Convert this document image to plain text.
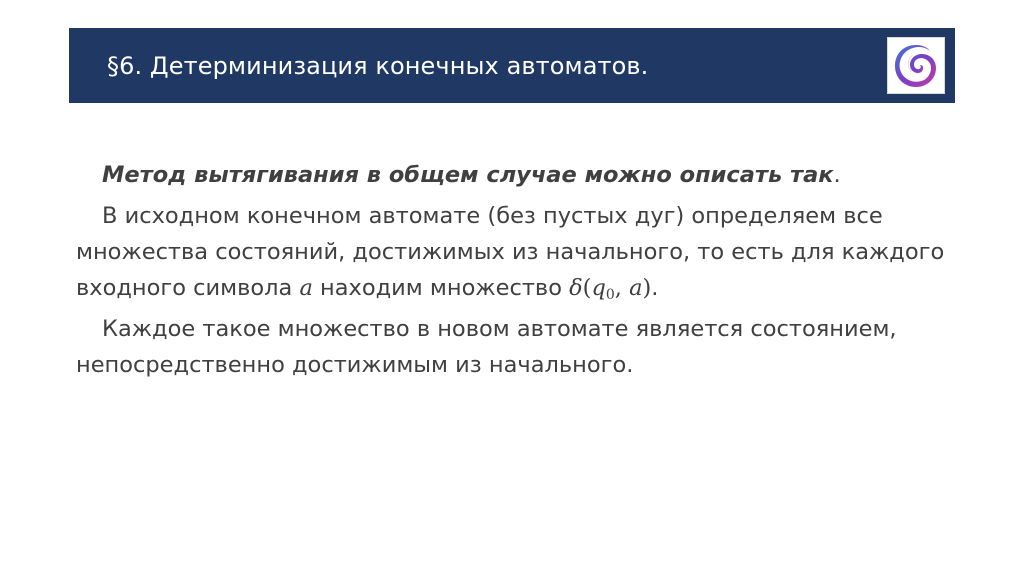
§6. Детерминизация конечных автоматов.

Метод вытягивания в общем случае можно описать так.

В исходном конечном автомате (без пустых дуг) определяем все множества состояний, достижимых из начального, то есть для каждого входного символа a находим множество $\delta(q_0$, a).

Каждое такое множество в новом автомате является состоянием, непосредственно достижимым из начального.
